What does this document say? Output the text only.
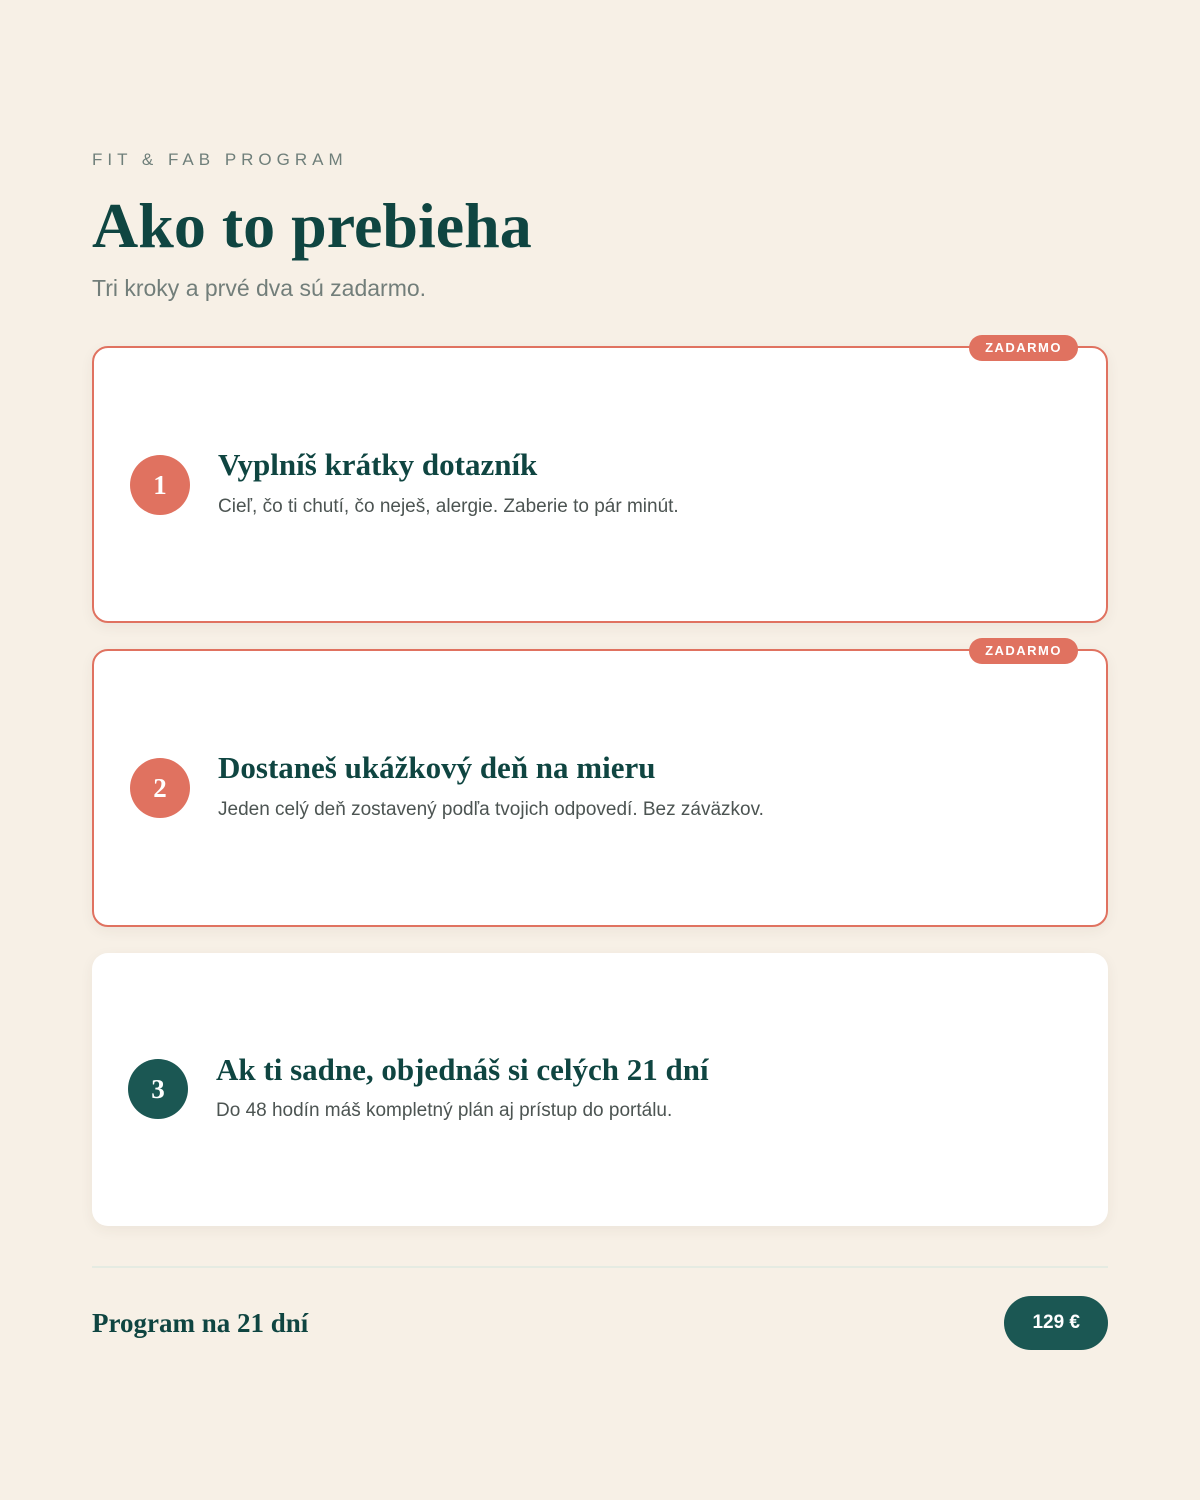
FIT & FAB PROGRAM
Ako to prebieha
Tri kroky a prvé dva sú zadarmo.
ZADARMO
1
Vyplníš krátky dotazník
Cieľ, čo ti chutí, čo neješ, alergie. Zaberie to pár minút.
ZADARMO
2
Dostaneš ukážkový deň na mieru
Jeden celý deň zostavený podľa tvojich odpovedí. Bez záväzkov.
3
Ak ti sadne, objednáš si celých 21 dní
Do 48 hodín máš kompletný plán aj prístup do portálu.
Program na 21 dní	129 €
